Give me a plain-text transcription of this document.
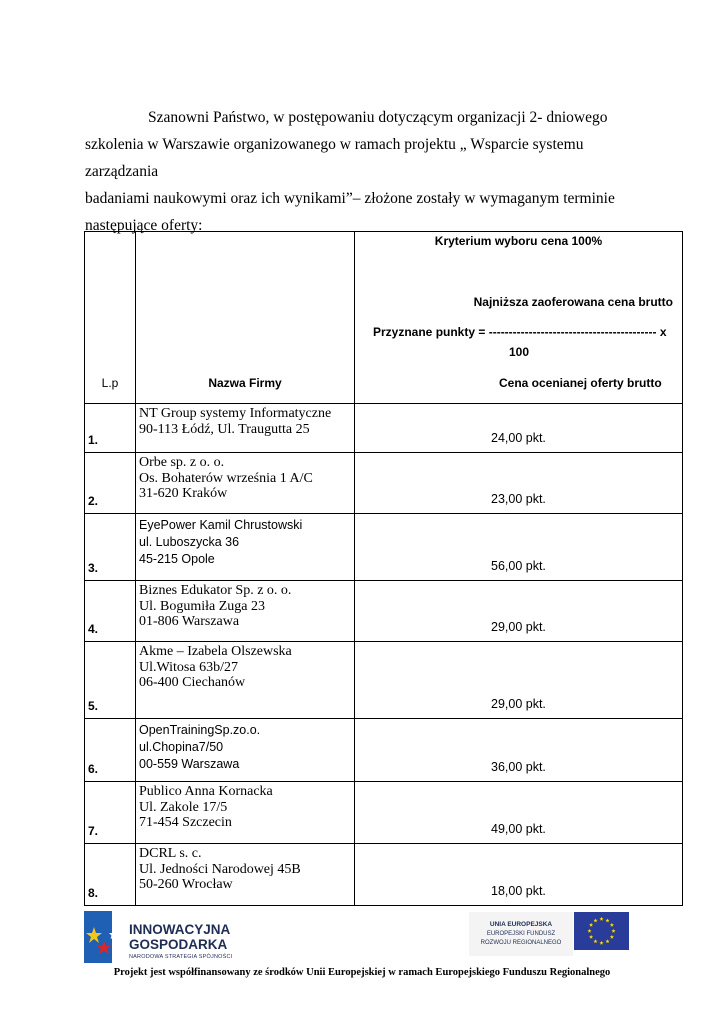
Szanowni Państwo, w postępowaniu dotyczącym organizacji 2- dniowego

szkolenia w Warszawie organizowanego w ramach projektu „ Wsparcie systemu zarządzania

badaniami naukowymi oraz ich wynikami”– złożone zostały w wymaganym terminie

następujące oferty:

L.p	Nazwa Firmy	Kryterium wyboru cena 100%
Najniższa zaoferowana cena brutto
Przyznane punkty = ------------------------------------------ x
100
Cena ocenianej oferty brutto

1.	NT Group systemy Informatyczne
90-113 Łódź, Ul. Traugutta 25	24,00 pkt.
2.	Orbe sp. z o. o.
Os. Bohaterów września 1 A/C
31-620 Kraków	23,00 pkt.
3.	EyePower Kamil Chrustowski
ul. Luboszycka 36
45-215 Opole	56,00 pkt.
4.	Biznes Edukator Sp. z o. o.
Ul. Bogumiła Zuga 23
01-806 Warszawa	29,00 pkt.
5.	Akme – Izabela Olszewska
Ul.Witosa 63b/27
06-400 Ciechanów	29,00 pkt.
6.	OpenTrainingSp.zo.o.
ul.Chopina7/50
00-559 Warszawa	36,00 pkt.
7.	Publico Anna Kornacka
Ul. Zakole 17/5
71-454 Szczecin	49,00 pkt.
8.	DCRL s. c.
Ul. Jedności Narodowej 45B
50-260 Wrocław	18,00 pkt.
INNOWACYJNA
GOSPODARKA
NARODOWA STRATEGIA SPÓJNOŚCI
UNIA EUROPEJSKA
EUROPEJSKI FUNDUSZ
ROZWOJU REGIONALNEGO
Projekt jest współfinansowany ze środków Unii Europejskiej w ramach Europejskiego Funduszu Regionalnego
